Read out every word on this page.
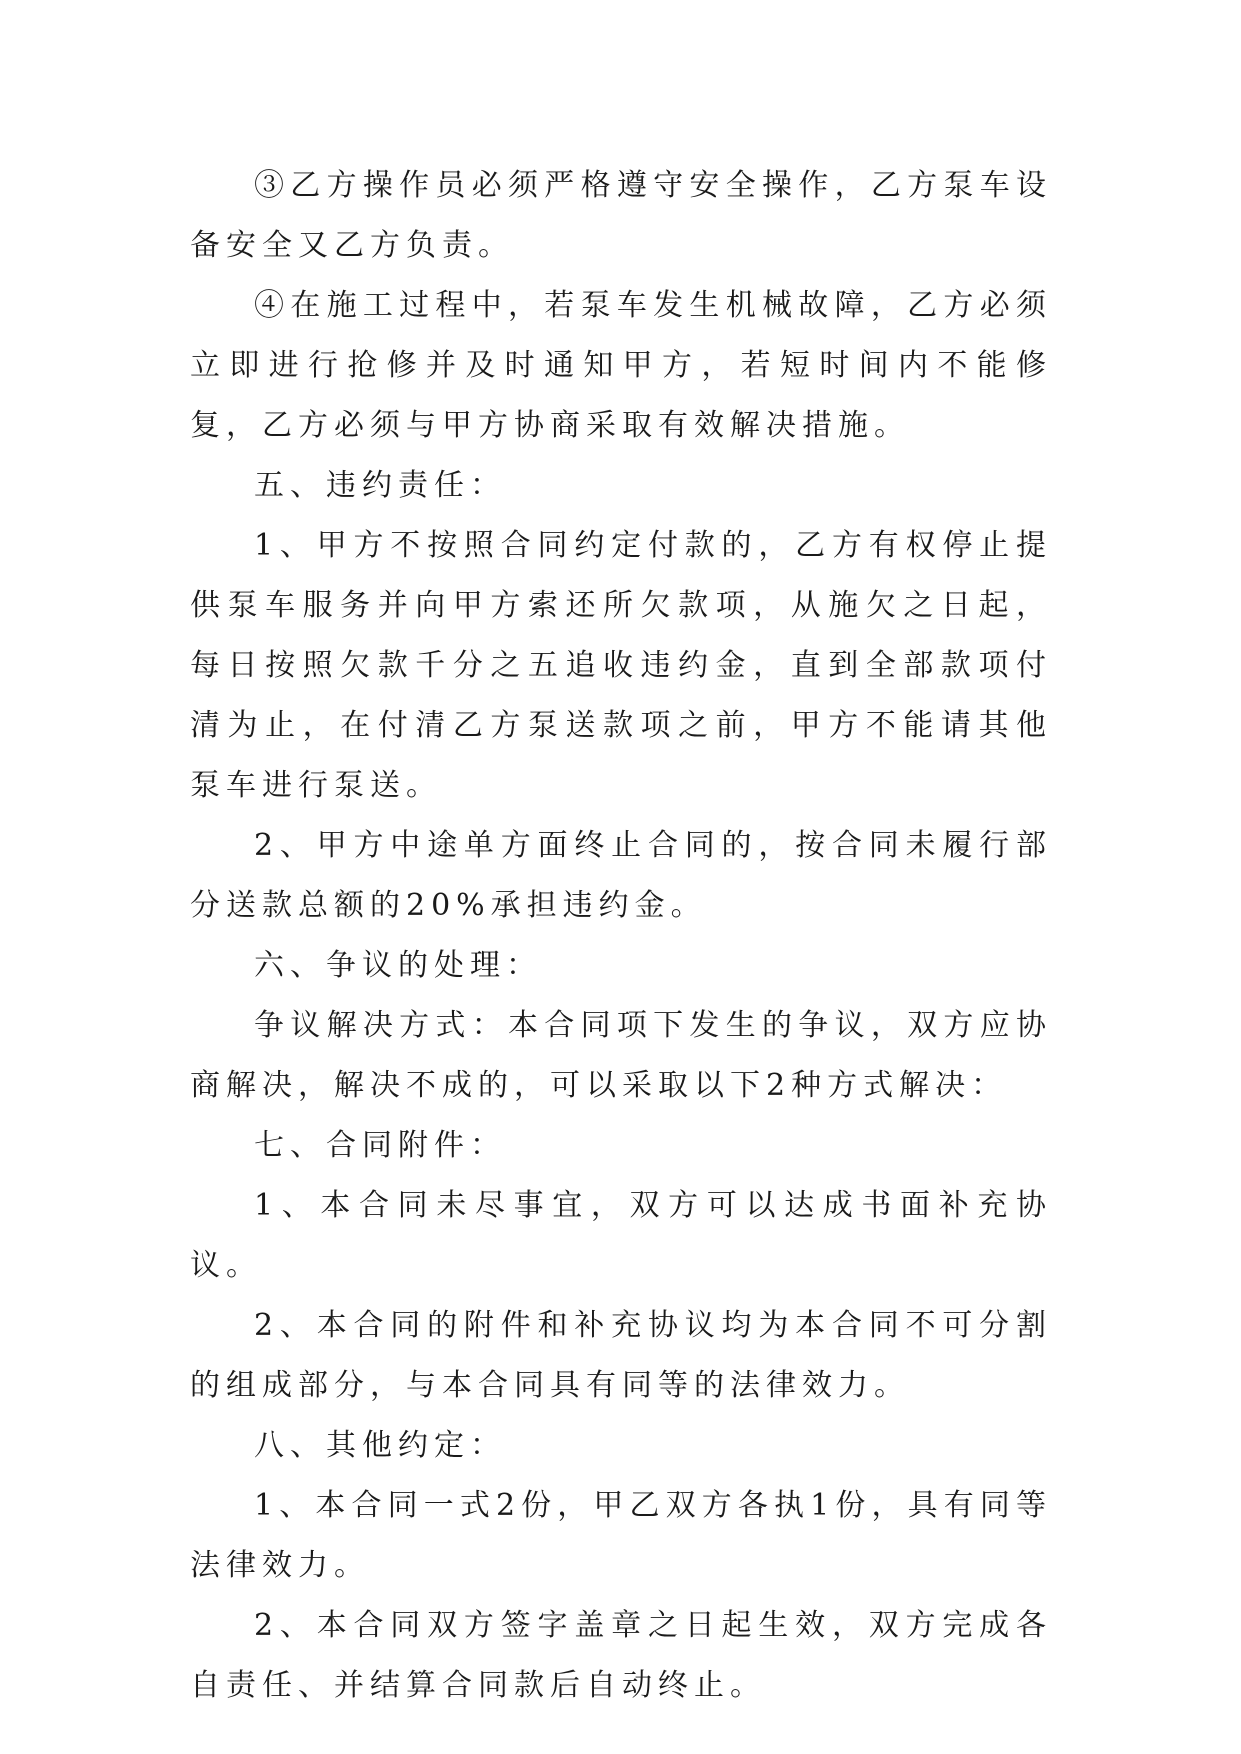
③乙方操作员必须严格遵守安全操作，乙方泵车设备安全又乙方负责。

④在施工过程中，若泵车发生机械故障，乙方必须立即进行抢修并及时通知甲方，若短时间内不能修复，乙方必须与甲方协商采取有效解决措施。

五、违约责任：

1、甲方不按照合同约定付款的，乙方有权停止提供泵车服务并向甲方索还所欠款项，从施欠之日起，每日按照欠款千分之五追收违约金，直到全部款项付清为止，在付清乙方泵送款项之前，甲方不能请其他泵车进行泵送。

2、甲方中途单方面终止合同的，按合同未履行部分送款总额的20%承担违约金。

六、争议的处理：

争议解决方式：本合同项下发生的争议，双方应协商解决，解决不成的，可以采取以下2种方式解决：

七、合同附件：

1、本合同未尽事宜，双方可以达成书面补充协议。

2、本合同的附件和补充协议均为本合同不可分割的组成部分，与本合同具有同等的法律效力。

八、其他约定：

1、本合同一式2份，甲乙双方各执1份，具有同等法律效力。

2、本合同双方签字盖章之日起生效，双方完成各自责任、并结算合同款后自动终止。
